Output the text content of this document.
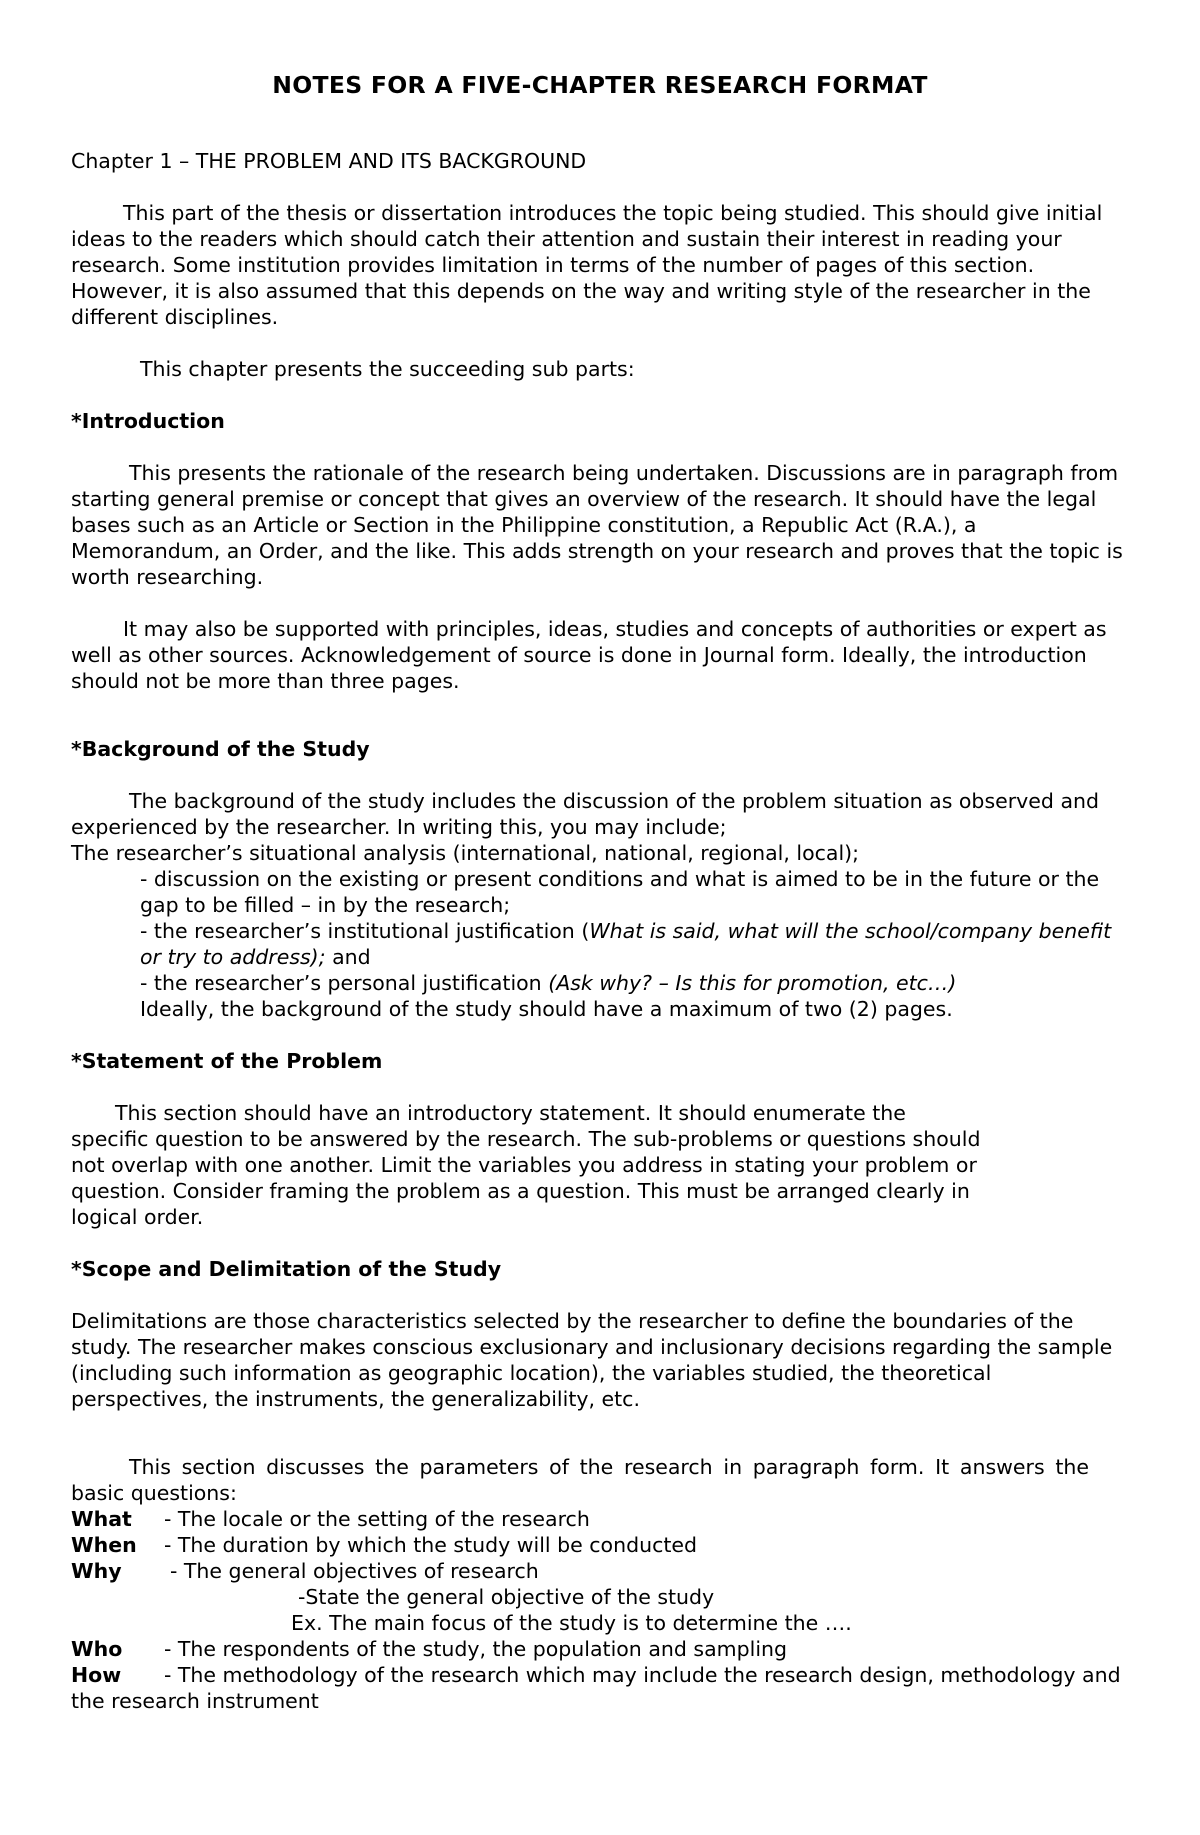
NOTES FOR A FIVE-CHAPTER RESEARCH FORMAT
Chapter 1 – THE PROBLEM AND ITS BACKGROUND

This part of the thesis or dissertation introduces the topic being studied. This should give initial ideas to the readers which should catch their attention and sustain their interest in reading your research. Some institution provides limitation in terms of the number of pages of this section. However, it is also assumed that this depends on the way and writing style of the researcher in the different disciplines.

This chapter presents the succeeding sub parts:

*Introduction

This presents the rationale of the research being undertaken. Discussions are in paragraph from starting general premise or concept that gives an overview of the research. It should have the legal bases such as an Article or Section in the Philippine constitution, a Republic Act (R.A.), a Memorandum, an Order, and the like. This adds strength on your research and proves that the topic is worth researching.

It may also be supported with principles, ideas, studies and concepts of authorities or expert as well as other sources. Acknowledgement of source is done in Journal form. Ideally, the introduction should not be more than three pages.

*Background of the Study

The background of the study includes the discussion of the problem situation as observed and experienced by the researcher. In writing this, you may include;

The researcher’s situational analysis (international, national, regional, local);

- discussion on the existing or present conditions and what is aimed to be in the future or the gap to be filled – in by the research;
- the researcher’s institutional justification (What is said, what will the school/company benefit or try to address); and
- the researcher’s personal justification (Ask why? – Is this for promotion, etc…)
Ideally, the background of the study should have a maximum of two (2) pages.
*Statement of the Problem

This section should have an introductory statement. It should enumerate the specific question to be answered by the research. The sub-problems or questions should not overlap with one another. Limit the variables you address in stating your problem or question. Consider framing the problem as a question. This must be arranged clearly in logical order.

*Scope and Delimitation of the Study

Delimitations are those characteristics selected by the researcher to define the boundaries of the study. The researcher makes conscious exclusionary and inclusionary decisions regarding the sample (including such information as geographic location), the variables studied, the theoretical perspectives, the instruments, the generalizability, etc.

This section discusses the parameters of the research in paragraph form. It answers the basic questions:

What	- The locale or the setting of the research
When	- The duration by which the study will be conducted
Why	- The general objectives of research
-State the general objective of the study
Ex. The main focus of the study is to determine the ….
Who	- The respondents of the study, the population and sampling

How - The methodology of the research which may include the research design, methodology and the research instrument
